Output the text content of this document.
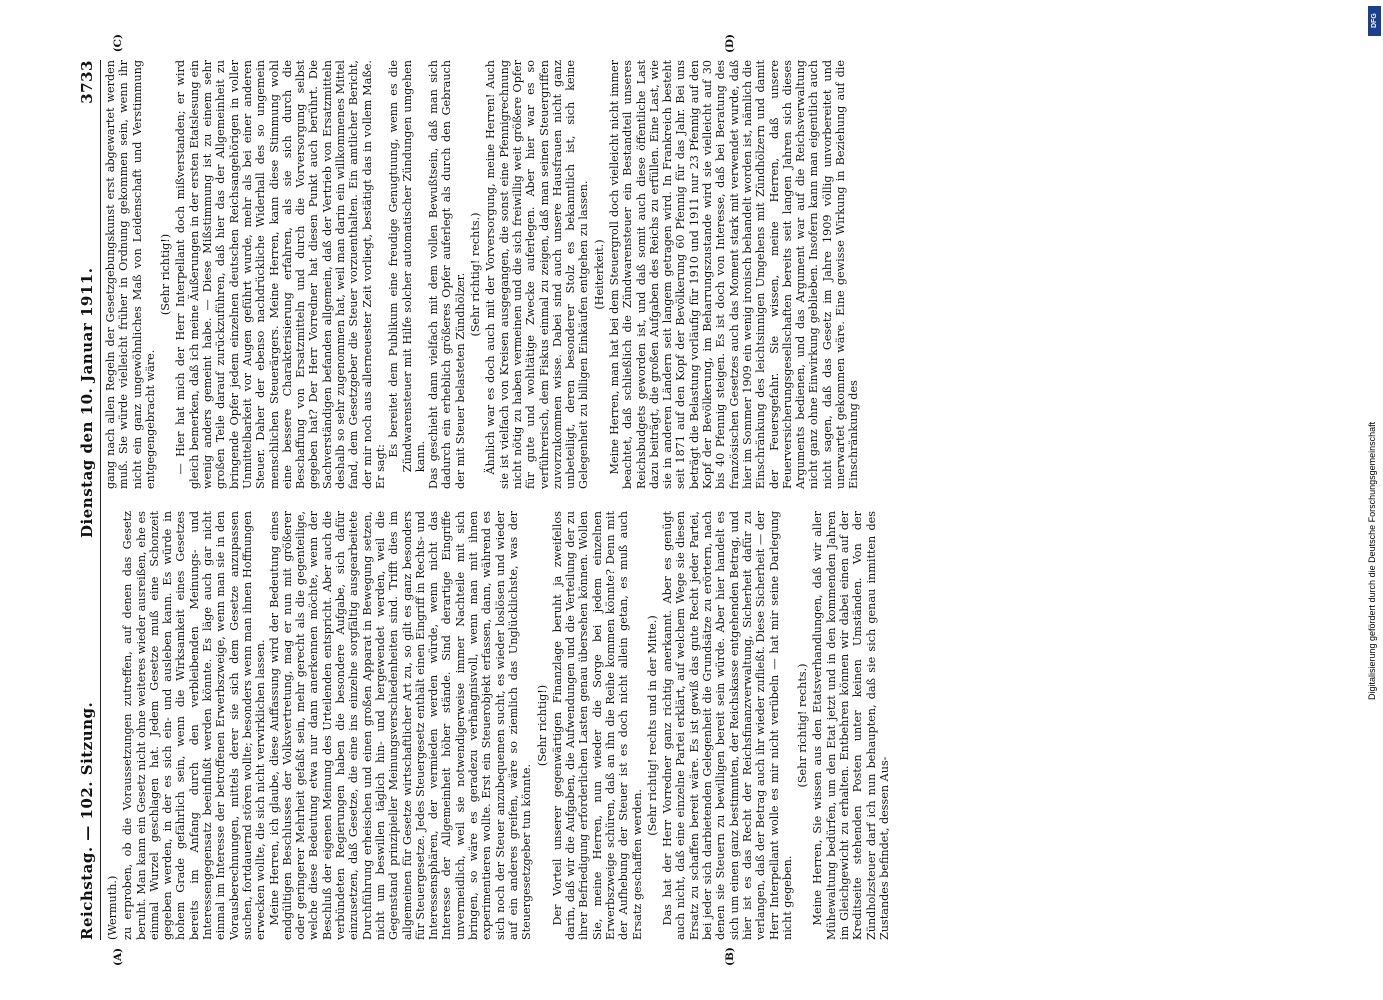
Reichstag. — 102. Sitzung.
Dienstag den 10. Januar 1911.
3733
(A)	(B)

(Wermuth.) zu erproben, ob die Voraussetzungen zutreffen, auf denen das Gesetz beruht. Man kann ein Gesetz nicht ohne weiteres wieder ausreißen, ehe es einmal Wurzel geschlagen hat. Jedem Gesetze muß eine Schonzeit gegeben werden, in der es sich ein- und ausleben kann. Es würde in hohem Grade gefährlich sein, wenn die Wirksamkeit eines Gesetzes bereits im Anfang durch den verbleibenden Meinungs- und Interessengegensatz beeinflußt werden könnte. Es läge auch gar nicht einmal im Interesse der betroffenen Erwerbszweige, wenn man sie in den Vorausberechnungen, mittels derer sie sich dem Gesetze anzupassen suchen, fortdauernd stören wollte; besonders wenn man ihnen Hoffnungen erwecken wollte, die sich nicht verwirklichen lassen. Meine Herren, ich glaube, diese Auffassung wird der Bedeutung eines endgültigen Beschlusses der Volksvertretung, mag er nun mit größerer oder geringerer Mehrheit gefaßt sein, mehr gerecht als die gegenteilige, welche diese Bedeutung etwa nur dann anerkennen möchte, wenn der Beschluß der eigenen Meinung des Urteilenden entspricht. Aber auch die verbündeten Regierungen haben die besondere Aufgabe, sich dafür einzusetzen, daß Gesetze, die eine ins einzelne sorgfältig ausgearbeitete Durchführung erheischen und einen großen Apparat in Bewegung setzen, nicht um beswillen täglich hin- und hergewendet werden, weil die Gegenstand prinzipieller Meinungsverschiedenheiten sind. Trifft dies im allgemeinen für Gesetze wirtschaftlicher Art zu, so gilt es ganz besonders für Steuergesetze. Jedes Steuergesetz enthält einen Eingriff in Rechts- und Interessensphären, der vermieden werden würde, wenn nicht das Interesse der Allgemeinheit höher stände. Sind derartige Eingriffe unvermeidlich, weil sie notwendigerweise immer Nachteile mit sich bringen, so wäre es geradezu verhängnisvoll, wenn man mit ihnen experimentieren wollte. Erst ein Steuerobjekt erfassen, dann, während es sich noch der Steuer anzubequemen sucht, es wieder loslösen und wieder auf ein anderes greifen, wäre so ziemlich das Unglücklichste, was der Steuergesetzgeber tun könnte.

(Sehr richtig!) Der Vorteil unserer gegenwärtigen Finanzlage beruht ja zweifellos darin, daß wir die Aufgaben, die Aufwendungen und die Verteilung der zu ihrer Befriedigung erforderlichen Lasten genau übersehen können. Wollen Sie, meine Herren, nun wieder die Sorge bei jedem einzelnen Erwerbszweige schüren, daß an ihn die Reihe kommen könnte? Denn mit der Aufhebung der Steuer ist es doch nicht allein getan, es muß auch Ersatz geschaffen werden.

(Sehr richtig! rechts und in der Mitte.) Das hat der Herr Vorredner ganz richtig anerkannt. Aber es genügt auch nicht, daß eine einzelne Partei erklärt, auf welchem Wege sie diesen Ersatz zu schaffen bereit wäre. Es ist gewiß das gute Recht jeder Partei, bei jeder sich darbietenden Gelegenheit die Grundsätze zu erörtern, nach denen sie Steuern zu bewilligen bereit sein würde. Aber hier handelt es sich um einen ganz bestimmten, der Reichskasse entgehenden Betrag, und hier ist es das Recht der Reichsfinanzverwaltung, Sicherheit dafür zu verlangen, daß der Betrag auch ihr wieder zufließt. Diese Sicherheit — der Herr Interpellant wolle es mir nicht verübeln — hat mir seine Darlegung nicht gegeben.

(Sehr richtig! rechts.) Meine Herren, Sie wissen aus den Etatsverhandlungen, daß wir aller Mühewaltung bedürfen, um den Etat jetzt und in den kommenden Jahren im Gleichgewicht zu erhalten. Entbehren können wir dabei einen auf der Kreditseite stehenden Posten unter keinen Umständen. Von der Zündholzsteuer darf ich nun behaupten, daß sie sich genau inmitten des Zustandes befindet, dessen Aus-

(C)	(D)

gang nach allen Regeln der Gesetzgebungskunst erst abgewartet werden muß. Sie würde vielleicht früher in Ordnung gekommen sein, wenn ihr nicht ein ganz ungewöhnliches Maß von Leidenschaft und Verstimmung entgegengebracht wäre.

(Sehr richtig!) — Hier hat mich der Herr Interpellant doch mißverstanden; er wird gleich bemerken, daß ich meine Äußerungen in der ersten Etatslesung ein wenig anders gemeint habe. — Diese Mißstimmung ist zu einem sehr großen Teile darauf zurückzuführen, daß hier das der Allgemeinheit zu bringende Opfer jedem einzelnen deutschen Reichsangehörigen in voller Unmittelbarkeit vor Augen geführt wurde, mehr als bei einer anderen Steuer. Daher der ebenso nachdrückliche Widerhall des so ungemein menschlichen Steuerärgers. Meine Herren, kann diese Stimmung wohl eine bessere Charakterisierung erfahren, als sie sich durch die Beschaffung von Ersatzmitteln und durch die Vorversorgung selbst gegeben hat? Der Herr Vorredner hat diesen Punkt auch berührt. Die Sachverständigen befanden allgemein, daß der Vertrieb von Ersatzmitteln deshalb so sehr zugenommen hat, weil man darin ein willkommenes Mittel fand, dem Gesetzgeber die Steuer vorzuenthalten. Ein amtlicher Bericht, der mir noch aus allerneuester Zeit vorliegt, bestätigt das in vollem Maße. Er sagt:

Es bereitet dem Publikum eine freudige Genugtuung, wenn es die Zündwarensteuer mit Hilfe solcher automatischer Zündungen umgehen kann. Das geschieht dann vielfach mit dem vollen Bewußtsein, daß man sich dadurch ein erheblich größeres Opfer auferlegt als durch den Gebrauch der mit Steuer belasteten Zündhölzer. (Sehr richtig! rechts.) Ähnlich war es doch auch mit der Vorversorgung, meine Herren! Auch sie ist vielfach von Kreisen ausgegangen, die sonst eine Pfennigrechnung nicht nötig zu haben vermeinen und die sich freiwillig weit größere Opfer für gute und wohltätige Zwecke auferlegen. Aber hier war es so verführerisch, dem Fiskus einmal zu zeigen, daß man seinen Steuergriffen zuvorzukommen wisse. Dabei sind auch unsere Hausfrauen nicht ganz unbeteiligt, deren besonderer Stolz es bekanntlich ist, sich keine Gelegenheit zu billigen Einkäufen entgehen zu lassen. (Heiterkeit.) Meine Herren, man hat bei dem Steuergroll doch vielleicht nicht immer beachtet, daß schließlich die Zündwarensteuer ein Bestandteil unseres Reichsbudgets geworden ist, und daß somit auch diese öffentliche Last dazu beiträgt, die großen Aufgaben des Reichs zu erfüllen. Eine Last, wie sie in anderen Ländern seit langem getragen wird. In Frankreich besteht seit 1871 auf den Kopf der Bevölkerung 60 Pfennig für das Jahr. Bei uns beträgt die Belastung vorläufig für 1910 und 1911 nur 23 Pfennig auf den Kopf der Bevölkerung, im Beharrungszustande wird sie vielleicht auf 30 bis 40 Pfennig steigen. Es ist doch von Interesse, daß bei Beratung des französischen Gesetzes auch das Moment stark mit verwendet wurde, daß hier im Sommer 1909 ein wenig ironisch behandelt worden ist, nämlich die Einschränkung des leichtsinnigen Umgehens mit Zündhölzern und damit der Feuersgefahr. Sie wissen, meine Herren, daß unsere Feuerversicherungsgesellschaften bereits seit langen Jahren sich dieses Arguments bedienen, und das Argument war auf die Reichsverwaltung nicht ganz ohne Einwirkung geblieben. Insofern kann man eigentlich auch nicht sagen, daß das Gesetz im Jahre 1909 völlig unvorbereitet und unerwartet gekommen wäre. Eine gewisse Wirkung in Beziehung auf die Einschränkung des

DFG
Digitalisierung gefördert durch die Deutsche Forschungsgemeinschaft
